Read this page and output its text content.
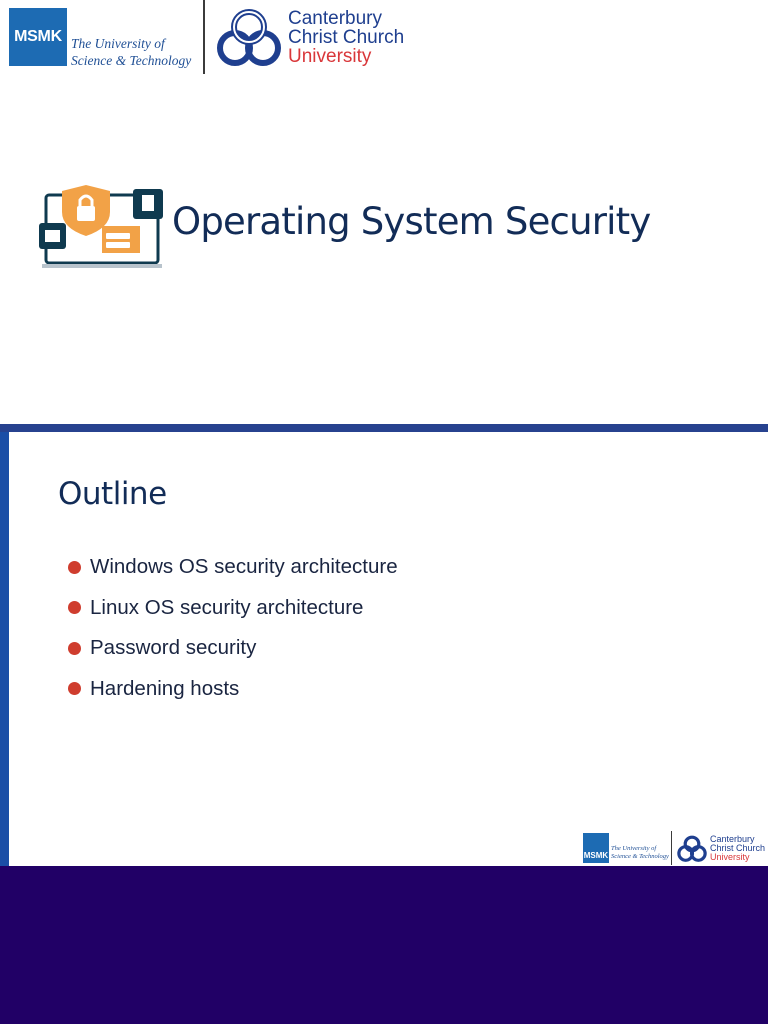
MSMK The University of
Science & Technology
Canterbury
Christ Church
University
Operating System Security
Outline
Windows OS security architecture
Linux OS security architecture
Password security
Hardening hosts
MSMK
The University of
Science & Technology
Canterbury
Christ Church
University
